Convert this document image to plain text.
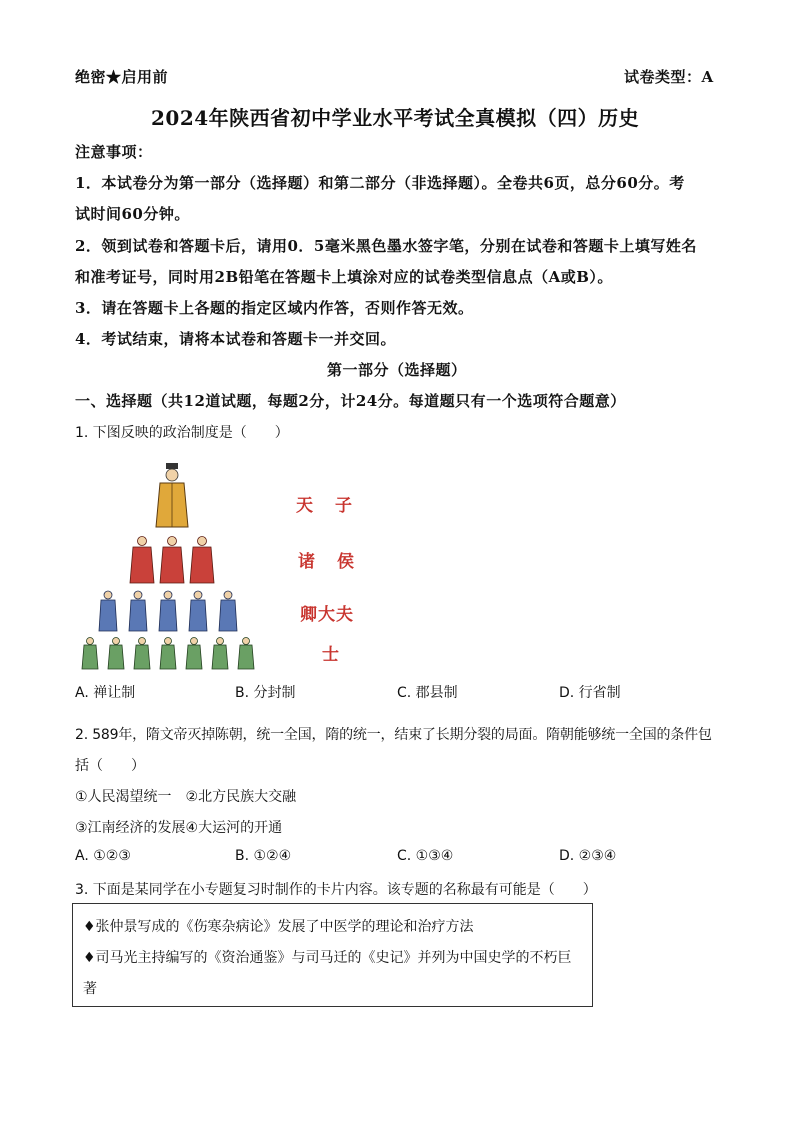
绝密★启用前	试卷类型：A
2024年陕西省初中学业水平考试全真模拟（四）历史
注意事项：
1．本试卷分为第一部分（选择题）和第二部分（非选择题）。全卷共6页，总分60分。考
试时间60分钟。
2．领到试卷和答题卡后，请用0．5毫米黑色墨水签字笔，分别在试卷和答题卡上填写姓名
和准考证号，同时用2B铅笔在答题卡上填涂对应的试卷类型信息点（A或B）。
3．请在答题卡上各题的指定区域内作答，否则作答无效。
4．考试结束，请将本试卷和答题卡一并交回。
第一部分（选择题）
一、选择题（共12道试题，每题2分，计24分。每道题只有一个选项符合题意）
1. 下图反映的政治制度是（　　）
天子
诸侯
卿大夫
士
A. 禅让制	B. 分封制	C. 郡县制	D. 行省制
2. 589年，隋文帝灭掉陈朝，统一全国，隋的统一，结束了长期分裂的局面。隋朝能够统一全国的条件包
括（　　）
①人民渴望统一　②北方民族大交融
③江南经济的发展④大运河的开通
A. ①②③	B. ①②④	C. ①③④	D. ②③④
3. 下面是某同学在小专题复习时制作的卡片内容。该专题的名称最有可能是（　　）
♦张仲景写成的《伤寒杂病论》发展了中医学的理论和治疗方法
♦司马光主持编写的《资治通鉴》与司马迁的《史记》并列为中国史学的不朽巨
著
